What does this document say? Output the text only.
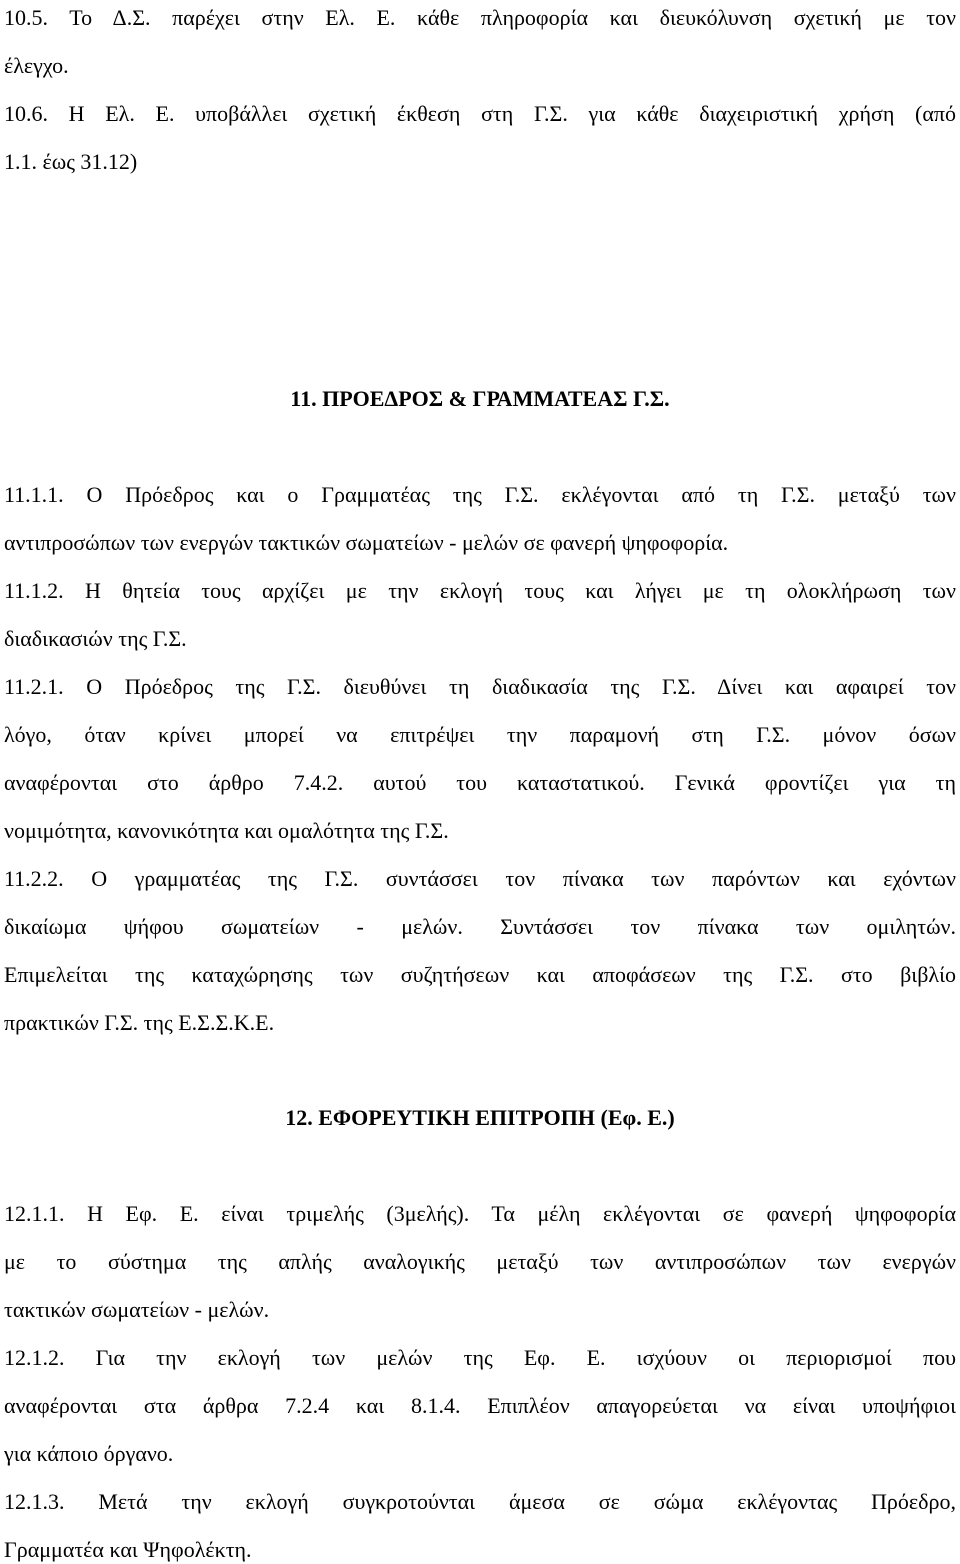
10.5. Το Δ.Σ. παρέχει στην Ελ. Ε. κάθε πληροφορία και διευκόλυνση σχετική με τον
έλεγχο.
10.6. Η Ελ. Ε. υποβάλλει σχετική έκθεση στη Γ.Σ. για κάθε διαχειριστική χρήση (από
1.1. έως 31.12)
11. ΠΡΟΕΔΡΟΣ & ΓΡΑΜΜΑΤΕΑΣ Γ.Σ.
11.1.1. Ο Πρόεδρος και ο Γραμματέας της Γ.Σ. εκλέγονται από τη Γ.Σ. μεταξύ των
αντιπροσώπων των ενεργών τακτικών σωματείων - μελών σε φανερή ψηφοφορία.
11.1.2. Η θητεία τους αρχίζει με την εκλογή τους και λήγει με τη ολοκλήρωση των
διαδικασιών της Γ.Σ.
11.2.1. Ο Πρόεδρος της Γ.Σ. διευθύνει τη διαδικασία της Γ.Σ. Δίνει και αφαιρεί τον
λόγο, όταν κρίνει μπορεί να επιτρέψει την παραμονή στη Γ.Σ. μόνον όσων
αναφέρονται στο άρθρο 7.4.2. αυτού του καταστατικού. Γενικά φροντίζει για τη
νομιμότητα, κανονικότητα και ομαλότητα της Γ.Σ.
11.2.2. Ο γραμματέας της Γ.Σ. συντάσσει τον πίνακα των παρόντων και εχόντων
δικαίωμα ψήφου σωματείων - μελών. Συντάσσει τον πίνακα των ομιλητών.
Επιμελείται της καταχώρησης των συζητήσεων και αποφάσεων της Γ.Σ. στο βιβλίο
πρακτικών Γ.Σ. της Ε.Σ.Σ.Κ.Ε.
12. ΕΦΟΡΕΥΤΙΚΗ ΕΠΙΤΡΟΠΗ (Εφ. Ε.)
12.1.1. Η Εφ. Ε. είναι τριμελής (3μελής). Τα μέλη εκλέγονται σε φανερή ψηφοφορία
με το σύστημα της απλής αναλογικής μεταξύ των αντιπροσώπων των ενεργών
τακτικών σωματείων - μελών.
12.1.2. Για την εκλογή των μελών της Εφ. Ε. ισχύουν οι περιορισμοί που
αναφέρονται στα άρθρα 7.2.4 και 8.1.4. Επιπλέον απαγορεύεται να είναι υποψήφιοι
για κάποιο όργανο.
12.1.3. Μετά την εκλογή συγκροτούνται άμεσα σε σώμα εκλέγοντας Πρόεδρο,
Γραμματέα και Ψηφολέκτη.
